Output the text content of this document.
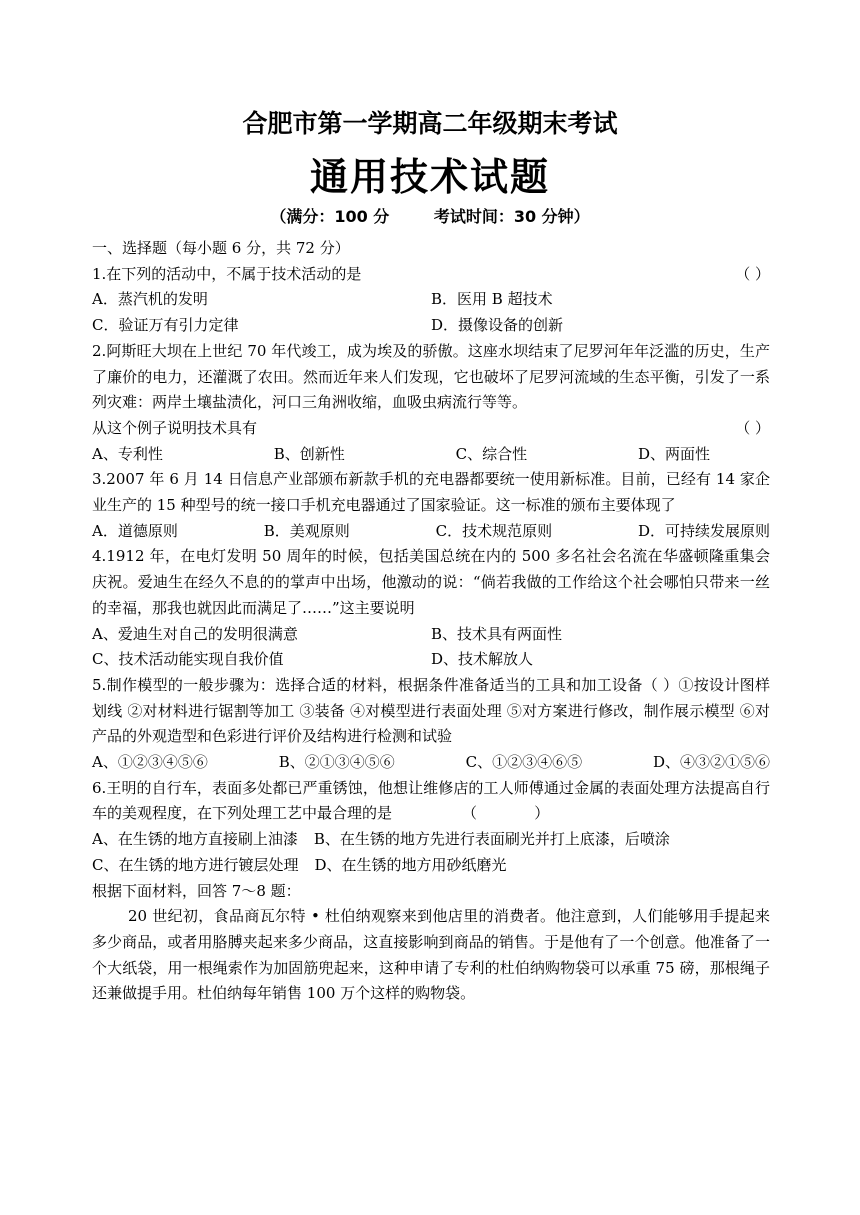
合肥市第一学期高二年级期末考试
通用技术试题
（满分：100 分        考试时间：30 分钟）

一、选择题（每小题 6 分，共 72 分）

1.在下列的活动中，不属于技术活动的是	（ ）

A．蒸汽机的发明	B．医用 B 超技术
C．验证万有引力定律	D．摄像设备的创新

2.阿斯旺大坝在上世纪 70 年代竣工，成为埃及的骄傲。这座水坝结束了尼罗河年年泛滥的历史，生产了廉价的电力，还灌溉了农田。然而近年来人们发现，它也破坏了尼罗河流域的生态平衡，引发了一系列灾难：两岸土壤盐渍化，河口三角洲收缩，血吸虫病流行等等。

从这个例子说明技术具有	（ ）

A、专利性	B、创新性	C、综合性	D、两面性

3.2007 年 6 月 14 日信息产业部颁布新款手机的充电器都要统一使用新标准。目前，已经有 14 家企业生产的 15 种型号的统一接口手机充电器通过了国家验证。这一标准的颁布主要体现了

A．道德原则	B．美观原则	C．技术规范原则	D．可持续发展原则

4.1912 年，在电灯发明 50 周年的时候，包括美国总统在内的 500 多名社会名流在华盛顿隆重集会庆祝。爱迪生在经久不息的的掌声中出场，他激动的说：“倘若我做的工作给这个社会哪怕只带来一丝的幸福，那我也就因此而满足了……”这主要说明

A、爱迪生对自己的发明很满意	B、技术具有两面性
C、技术活动能实现自我价值	D、技术解放人

5.制作模型的一般步骤为：选择合适的材料，根据条件准备适当的工具和加工设备（ ）①按设计图样划线 ②对材料进行锯割等加工 ③装备 ④对模型进行表面处理 ⑤对方案进行修改，制作展示模型 ⑥对产品的外观造型和色彩进行评价及结构进行检测和试验

A、①②③④⑤⑥	B、②①③④⑤⑥	C、①②③④⑥⑤	D、④③②①⑤⑥

6.王明的自行车，表面多处都已严重锈蚀，他想让维修店的工人师傅通过金属的表面处理方法提高自行车的美观程度，在下列处理工艺中最合理的是	（            ）

A、在生锈的地方直接刷上油漆 B、在生锈的地方先进行表面刷光并打上底漆，后喷涂
C、在生锈的地方进行镀层处理 D、在生锈的地方用砂纸磨光

根据下面材料，回答 7～8 题：

20 世纪初，食品商瓦尔特 • 杜伯纳观察来到他店里的消费者。他注意到，人们能够用手提起来多少商品，或者用胳膊夹起来多少商品，这直接影响到商品的销售。于是他有了一个创意。他准备了一个大纸袋，用一根绳索作为加固筋兜起来，这种申请了专利的杜伯纳购物袋可以承重 75 磅，那根绳子还兼做提手用。杜伯纳每年销售 100 万个这样的购物袋。
